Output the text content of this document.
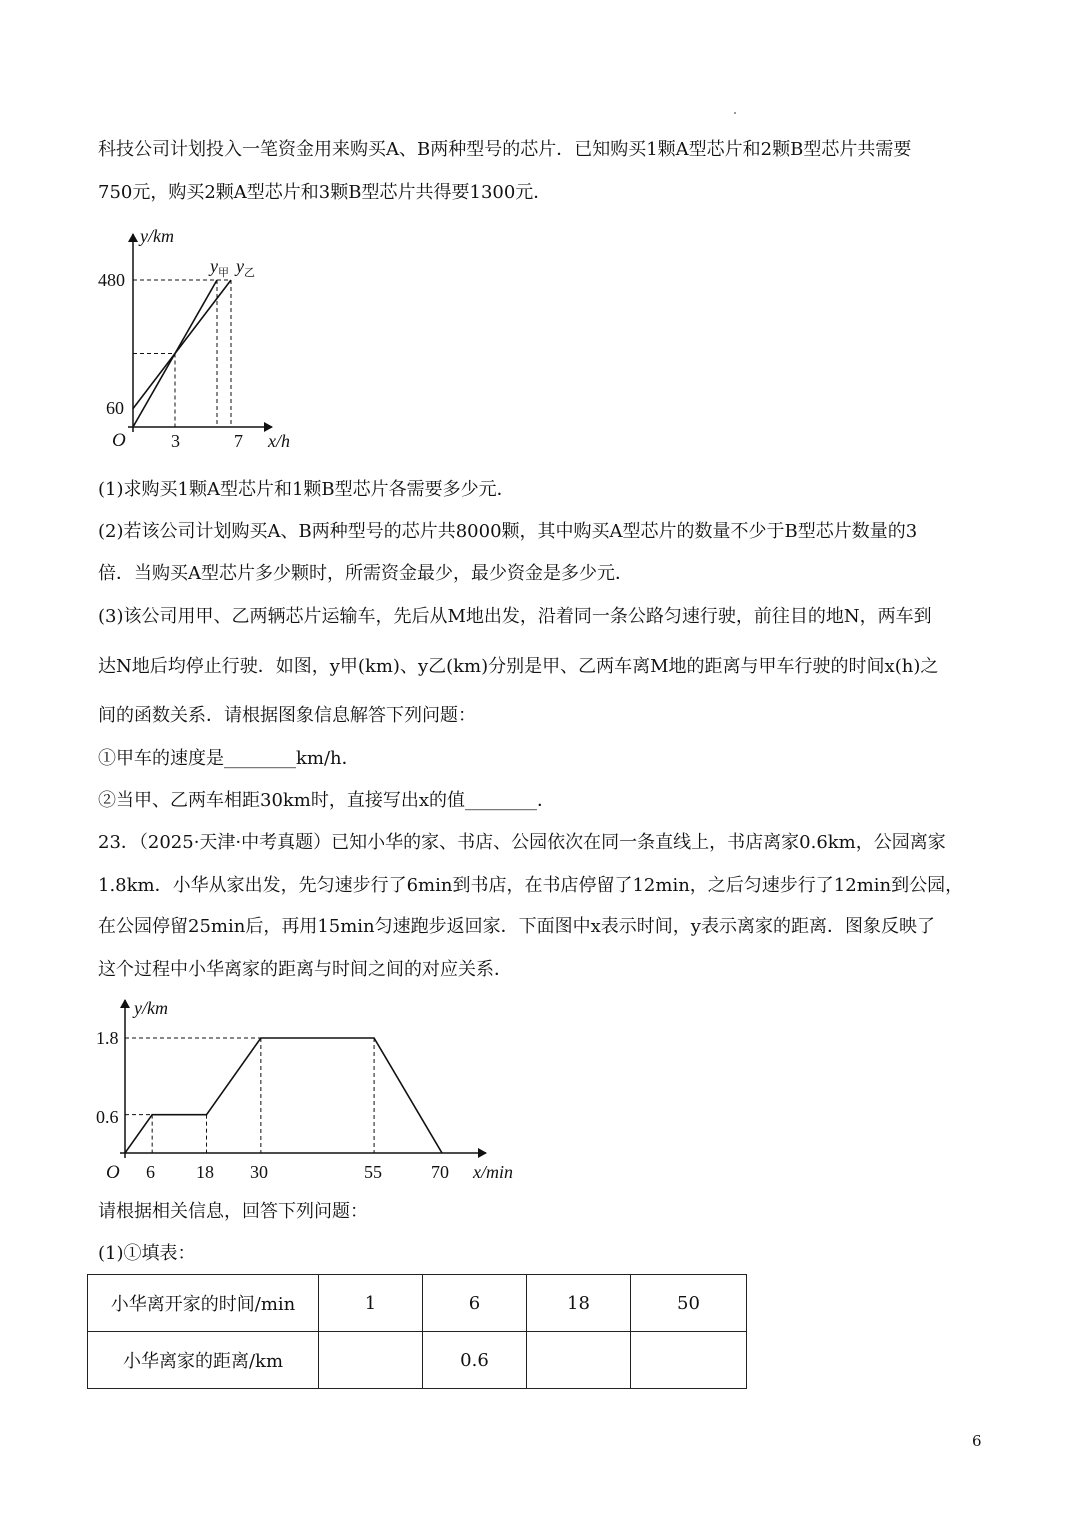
科技公司计划投入一笔资金用来购买A、B两种型号的芯片．已知购买1颗A型芯片和2颗B型芯片共需要
750元，购买2颗A型芯片和3颗B型芯片共得要1300元．
O
y/km
x/h
3	7
480
60
$y_甲$ $y_乙$
(1)求购买1颗A型芯片和1颗B型芯片各需要多少元．
(2)若该公司计划购买A、B两种型号的芯片共8000颗，其中购买A型芯片的数量不少于B型芯片数量的3
倍．当购买A型芯片多少颗时，所需资金最少，最少资金是多少元．
(3)该公司用甲、乙两辆芯片运输车，先后从M地出发，沿着同一条公路匀速行驶，前往目的地N，两车到
达N地后均停止行驶．如图，y甲(km)、y乙(km)分别是甲、乙两车离M地的距离与甲车行驶的时间x(h)之
间的函数关系．请根据图象信息解答下列问题：
①甲车的速度是________km/h．
②当甲、乙两车相距30km时，直接写出x的值________．
23．（2025·天津·中考真题）已知小华的家、书店、公园依次在同一条直线上，书店离家0.6km，公园离家
1.8km．小华从家出发，先匀速步行了6min到书店，在书店停留了12min，之后匀速步行了12min到公园，
在公园停留25min后，再用15min匀速跑步返回家．下面图中x表示时间，y表示离家的距离．图象反映了
这个过程中小华离家的距离与时间之间的对应关系．
O
y/km
x/min
6 18 30	55	70
1.8
0.6
请根据相关信息，回答下列问题：
(1)①填表：
小华离开家的时间/min	1	6	18	50
小华离家的距离/km		0.6		
6
